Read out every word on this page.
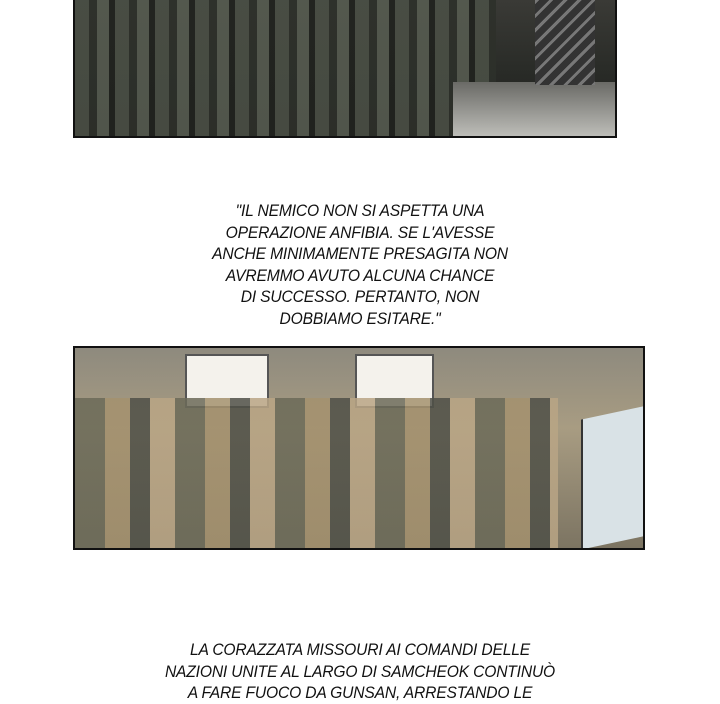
"IL NEMICO NON SI ASPETTA UNA
OPERAZIONE ANFIBIA. SE L'AVESSE
ANCHE MINIMAMENTE PRESAGITA NON
AVREMMO AVUTO ALCUNA CHANCE
DI SUCCESSO. PERTANTO, NON
DOBBIAMO ESITARE."
LA CORAZZATA MISSOURI AI COMANDI DELLE
NAZIONI UNITE AL LARGO DI SAMCHEOK CONTINUÒ
A FARE FUOCO DA GUNSAN, ARRESTANDO LE
